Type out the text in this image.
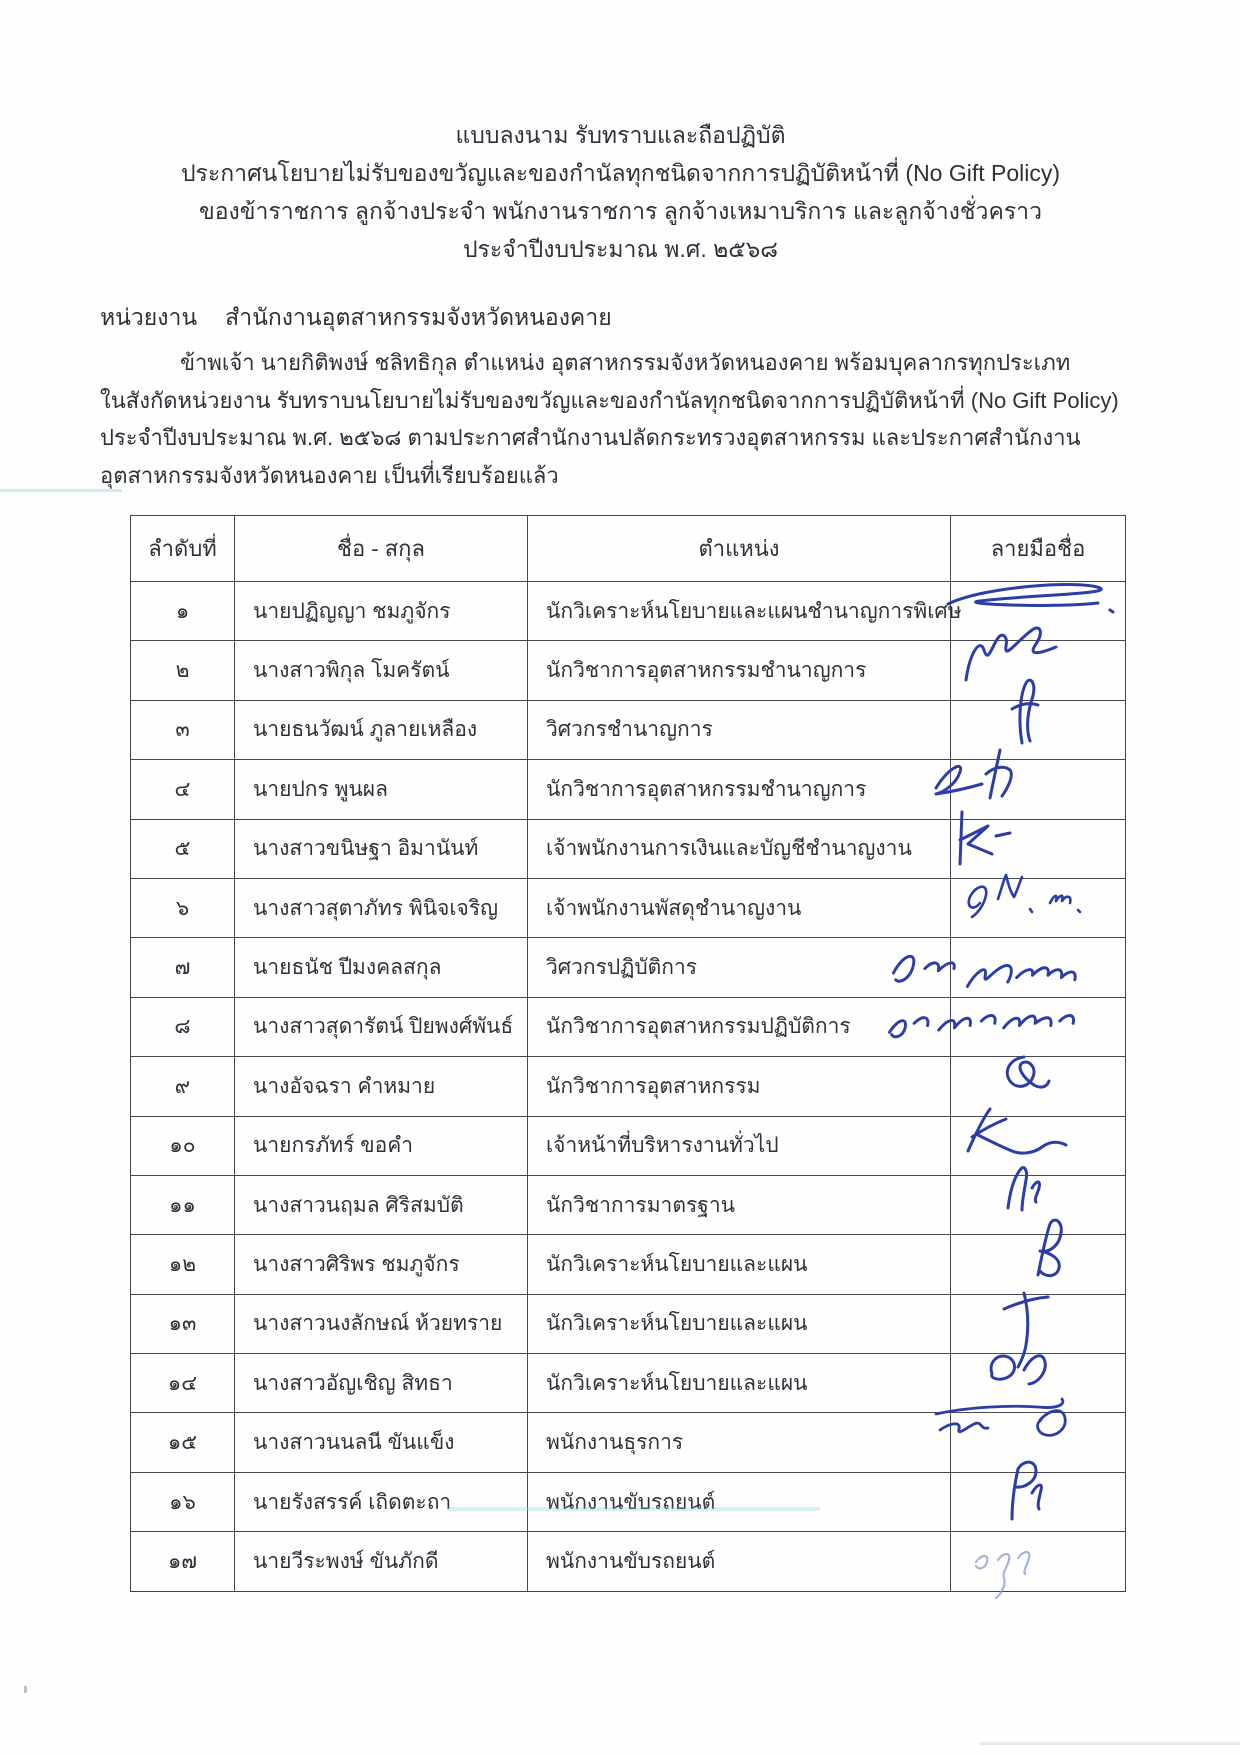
แบบลงนาม รับทราบและถือปฏิบัติ
ประกาศนโยบายไม่รับของขวัญและของกำนัลทุกชนิดจากการปฏิบัติหน้าที่ (No Gift Policy)
ของข้าราชการ ลูกจ้างประจำ พนักงานราชการ ลูกจ้างเหมาบริการ และลูกจ้างชั่วคราว
ประจำปีงบประมาณ พ.ศ. ๒๕๖๘
หน่วยงาน สำนักงานอุตสาหกรรมจังหวัดหนองคาย
ข้าพเจ้า นายกิติพงษ์ ชลิทธิกุล ตำแหน่ง อุตสาหกรรมจังหวัดหนองคาย พร้อมบุคลากรทุกประเภท
ในสังกัดหน่วยงาน รับทราบนโยบายไม่รับของขวัญและของกำนัลทุกชนิดจากการปฏิบัติหน้าที่ (No Gift Policy)
ประจำปีงบประมาณ พ.ศ. ๒๕๖๘ ตามประกาศสำนักงานปลัดกระทรวงอุตสาหกรรม และประกาศสำนักงาน
อุตสาหกรรมจังหวัดหนองคาย เป็นที่เรียบร้อยแล้ว
ลำดับที่	ชื่อ - สกุล	ตำแหน่ง	ลายมือชื่อ
๑	นายปฏิญญา ชมภูจักร	นักวิเคราะห์นโยบายและแผนชำนาญการพิเศษ
๒	นางสาวพิกุล โมครัตน์	นักวิชาการอุตสาหกรรมชำนาญการ
๓	นายธนวัฒน์ ภูลายเหลือง	วิศวกรชำนาญการ
๔	นายปกร พูนผล	นักวิชาการอุตสาหกรรมชำนาญการ
๕	นางสาวขนิษฐา อิมานันท์	เจ้าพนักงานการเงินและบัญชีชำนาญงาน
๖	นางสาวสุตาภัทร พินิจเจริญ	เจ้าพนักงานพัสดุชำนาญงาน
๗	นายธนัช ปีมงคลสกุล	วิศวกรปฏิบัติการ
๘	นางสาวสุดารัตน์ ปิยพงศ์พันธ์	นักวิชาการอุตสาหกรรมปฏิบัติการ
๙	นางอัจฉรา คำหมาย	นักวิชาการอุตสาหกรรม
๑๐	นายกรภัทร์ ขอคำ	เจ้าหน้าที่บริหารงานทั่วไป
๑๑	นางสาวนฤมล ศิริสมบัติ	นักวิชาการมาตรฐาน
๑๒	นางสาวศิริพร ชมภูจักร	นักวิเคราะห์นโยบายและแผน
๑๓	นางสาวนงลักษณ์ ห้วยทราย	นักวิเคราะห์นโยบายและแผน
๑๔	นางสาวอัญเชิญ สิทธา	นักวิเคราะห์นโยบายและแผน
๑๕	นางสาวนนลนี ขันแข็ง	พนักงานธุรการ
๑๖	นายรังสรรค์ เถิดตะถา	พนักงานขับรถยนต์
๑๗	นายวีระพงษ์ ขันภักดี	พนักงานขับรถยนต์
